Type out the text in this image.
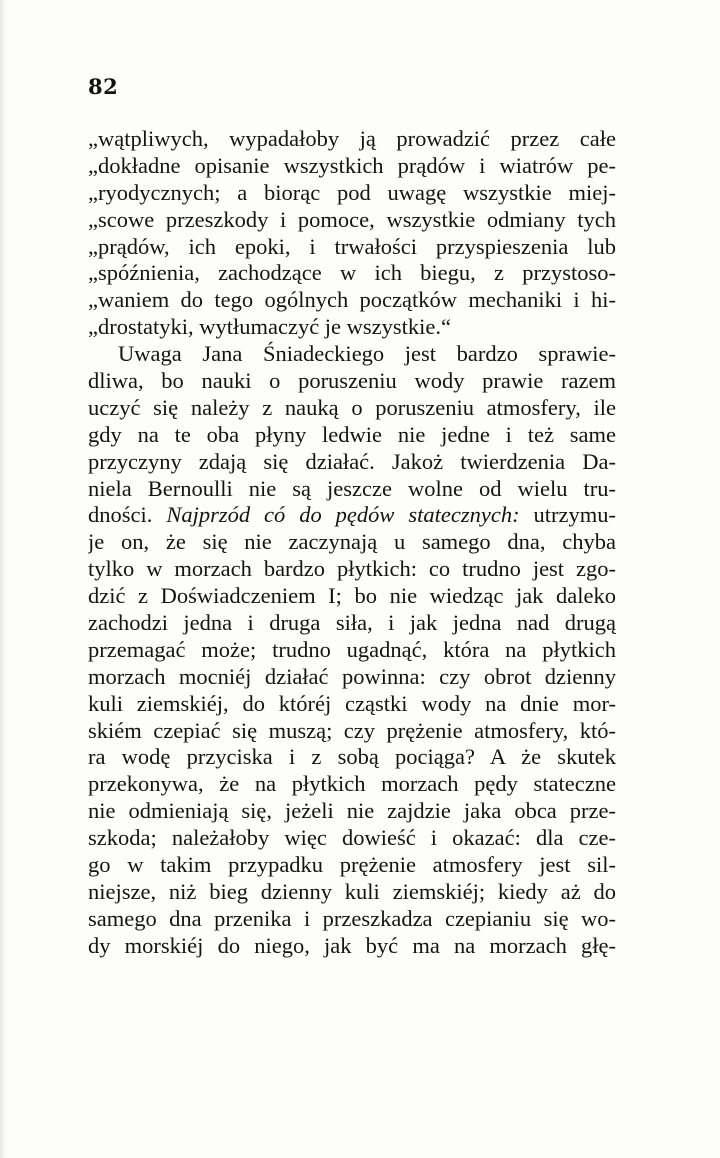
82
„wątpliwych, wypadałoby ją prowadzić przez całe
„dokładne opisanie wszystkich prądów i wiatrów pe-
„ryodycznych; a biorąc pod uwagę wszystkie miej-
„scowe przeszkody i pomoce, wszystkie odmiany tych
„prądów, ich epoki, i trwałości przyspieszenia lub
„spóźnienia, zachodzące w ich biegu, z przystoso-
„waniem do tego ogólnych początków mechaniki i hi-
„drostatyki, wytłumaczyć je wszystkie.“
Uwaga Jana Śniadeckiego jest bardzo sprawie-
dliwa, bo nauki o poruszeniu wody prawie razem
uczyć się należy z nauką o poruszeniu atmosfery, ile
gdy na te oba płyny ledwie nie jedne i też same
przyczyny zdają się działać. Jakoż twierdzenia Da-
niela Bernoulli nie są jeszcze wolne od wielu tru-
dności. Najprzód có do pędów statecznych: utrzymu-
je on, że się nie zaczynają u samego dna, chyba
tylko w morzach bardzo płytkich: co trudno jest zgo-
dzić z Doświadczeniem I; bo nie wiedząc jak daleko
zachodzi jedna i druga siła, i jak jedna nad drugą
przemagać może; trudno ugadnąć, która na płytkich
morzach mocniéj działać powinna: czy obrot dzienny
kuli ziemskiéj, do któréj cząstki wody na dnie mor-
skiém czepiać się muszą; czy prężenie atmosfery, któ-
ra wodę przyciska i z sobą pociąga? A że skutek
przekonywa, że na płytkich morzach pędy stateczne
nie odmieniają się, jeżeli nie zajdzie jaka obca prze-
szkoda; należałoby więc dowieść i okazać: dla cze-
go w takim przypadku prężenie atmosfery jest sil-
niejsze, niż bieg dzienny kuli ziemskiéj; kiedy aż do
samego dna przenika i przeszkadza czepianiu się wo-
dy morskiéj do niego, jak być ma na morzach głę-
